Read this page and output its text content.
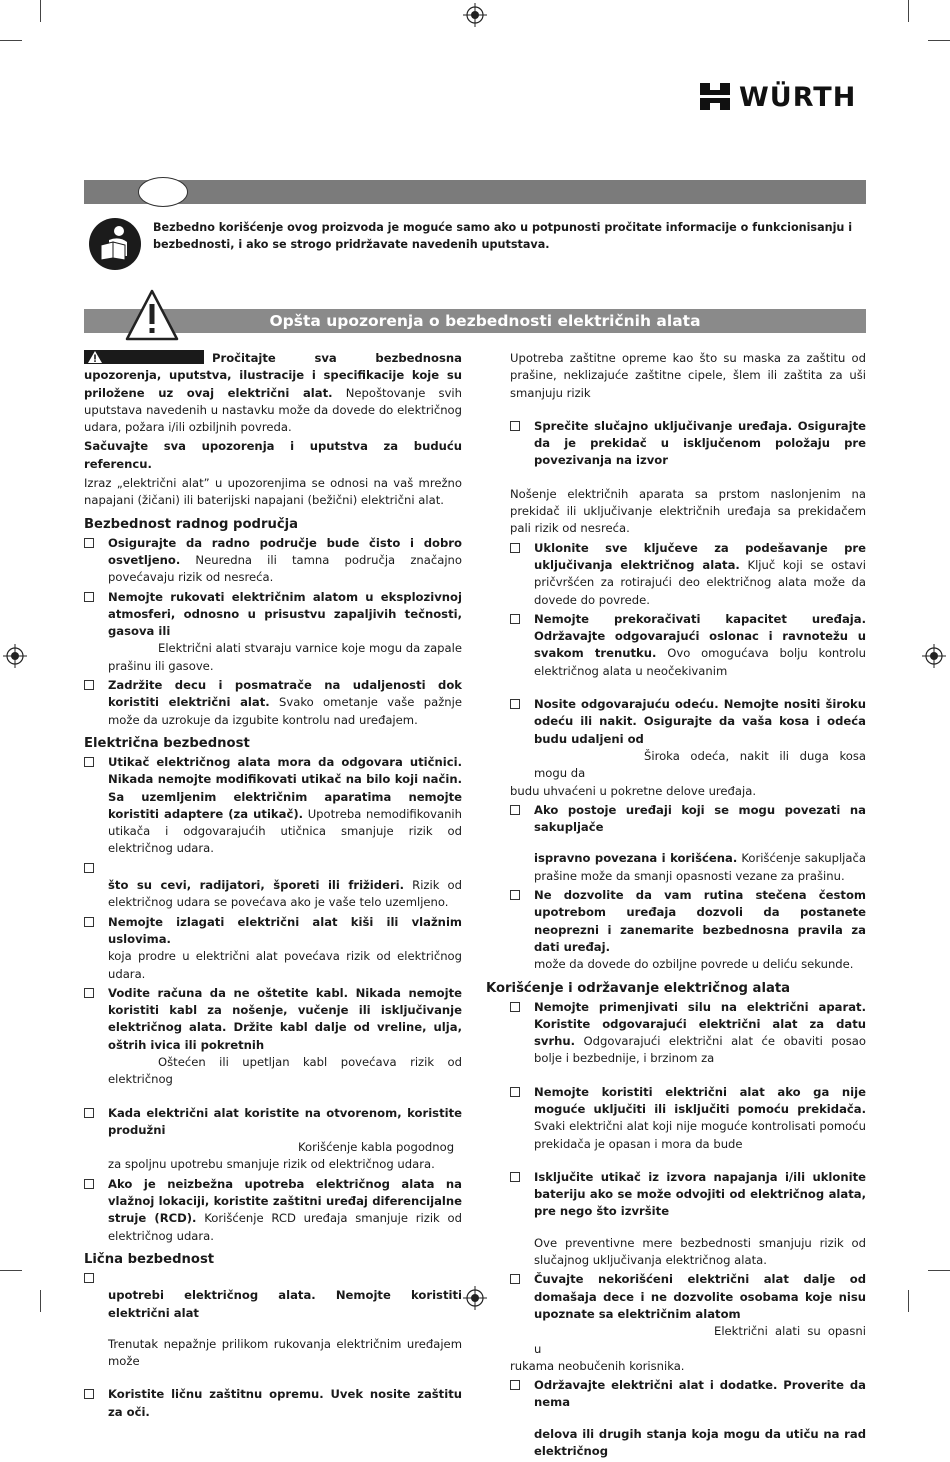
WÜRTH
Bezbedno korišćenje ovog proizvoda je moguće samo ako u potpunosti pročitate informacije o funkcionisanju i bezbednosti, i ako se strogo pridržavate navedenih uputstava.
Opšta upozorenja o bezbednosti električnih alata

Pročitajte sva bezbednosna upozorenja, uputstva, ilustracije i specifikacije koje su priložene uz ovaj električni alat. Nepoštovanje svih uputstava navedenih u nastavku može da dovede do električnog udara, požara i/ili ozbiljnih povreda.

Sačuvajte sva upozorenja i uputstva za buduću referencu.

Izraz „električni alat” u upozorenjima se odnosi na vaš mrežno napajani (žičani) ili baterijski napajani (bežični) električni alat.

Bezbednost radnog područja
Osigurajte da radno područje bude čisto i dobro osvetljeno. Neuredna ili tamna područja značajno povećavaju rizik od nesreća.
Nemojte rukovati električnim alatom u eksplozivnoj atmosferi, odnosno u prisustvu zapaljivih tečnosti, gasova ili
Električni alati stvaraju varnice koje mogu da zapale prašinu ili gasove.
Zadržite decu i posmatrače na udaljenosti dok koristiti električni alat. Svako ometanje vaše pažnje može da uzrokuje da izgubite kontrolu nad uređajem.
Električna bezbednost
Utikač električnog alata mora da odgovara utičnici. Nikada nemojte modifikovati utikač na bilo koji način. Sa uzemljenim električnim aparatima nemojte koristiti adaptere (za utikač). Upotreba nemodifikovanih utikača i odgovarajućih utičnica smanjuje rizik od električnog udara.

što su cevi, radijatori, šporeti ili frižideri. Rizik od električnog udara se povećava ako je vaše telo uzemljeno.
Nemojte izlagati električni alat kiši ili vlažnim uslovima.
koja prodre u električni alat povećava rizik od električnog udara.
Vodite računa da ne oštetite kabl. Nikada nemojte koristiti kabl za nošenje, vučenje ili isključivanje električnog alata. Držite kabl dalje od vreline, ulja, oštrih ivica ili pokretnih
Oštećen ili upetljan kabl povećava rizik od električnog
Kada električni alat koristite na otvorenom, koristite produžni
Korišćenje kabla pogodnog
za spoljnu upotrebu smanjuje rizik od električnog udara.
Ako je neizbežna upotreba električnog alata na vlažnoj lokaciji, koristite zaštitni uređaj diferencijalne struje (RCD). Korišćenje RCD uređaja smanjuje rizik od električnog udara.
Lična bezbednost

upotrebi električnog alata. Nemojte koristiti električni alat
Trenutak nepažnje prilikom rukovanja električnim uređajem može
Koristite ličnu zaštitnu opremu. Uvek nosite zaštitu za oči.

Upotreba zaštitne opreme kao što su maska za zaštitu od prašine, neklizajuće zaštitne cipele, šlem ili zaštita za uši smanjuju rizik

Sprečite slučajno uključivanje uređaja. Osigurajte da je prekidač u isključenom položaju pre povezivanja na izvor

Nošenje električnih aparata sa prstom naslonjenim na prekidač ili uključivanje električnih uređaja sa prekidačem pali rizik od nesreća.

Uklonite sve ključeve za podešavanje pre uključivanja električnog alata. Ključ koji se ostavi pričvršćen za rotirajući deo električnog alata može da dovede do povrede.
Nemojte prekoračivati kapacitet uređaja. Održavajte odgovarajući oslonac i ravnotežu u svakom trenutku. Ovo omogućava bolju kontrolu električnog alata u neočekivanim
Nosite odgovarajuću odeću. Nemojte nositi široku odeću ili nakit. Osigurajte da vaša kosa i odeća budu udaljeni od
Široka odeća, nakit ili duga kosa mogu da
budu uhvaćeni u pokretne delove uređaja.
Ako postoje uređaji koji se mogu povezati na sakupljače
ispravno povezana i korišćena. Korišćenje sakupljača prašine može da smanji opasnosti vezane za prašinu.
Ne dozvolite da vam rutina stečena čestom upotrebom uređaja dozvoli da postanete neoprezni i zanemarite bezbednosna pravila za dati uređaj.
može da dovede do ozbiljne povrede u deliću sekunde.
Korišćenje i održavanje električnog alata
Nemojte primenjivati silu na električni aparat. Koristite odgovarajući električni alat za datu svrhu. Odgovarajući električni alat će obaviti posao bolje i bezbednije, i brzinom za
Nemojte koristiti električni alat ako ga nije moguće uključiti ili isključiti pomoću prekidača. Svaki električni alat koji nije moguće kontrolisati pomoću prekidača je opasan i mora da bude
Isključite utikač iz izvora napajanja i/ili uklonite bateriju ako se može odvojiti od električnog alata, pre nego što izvršite
Ove preventivne mere bezbednosti smanjuju rizik od slučajnog uključivanja električnog alata.
Čuvajte nekorišćeni električni alat dalje od domašaja dece i ne dozvolite osobama koje nisu upoznate sa električnim alatom
Električni alati su opasni u
rukama neobučenih korisnika.
Održavajte električni alat i dodatke. Proverite da nema
delova ili drugih stanja koja mogu da utiču na rad električnog
